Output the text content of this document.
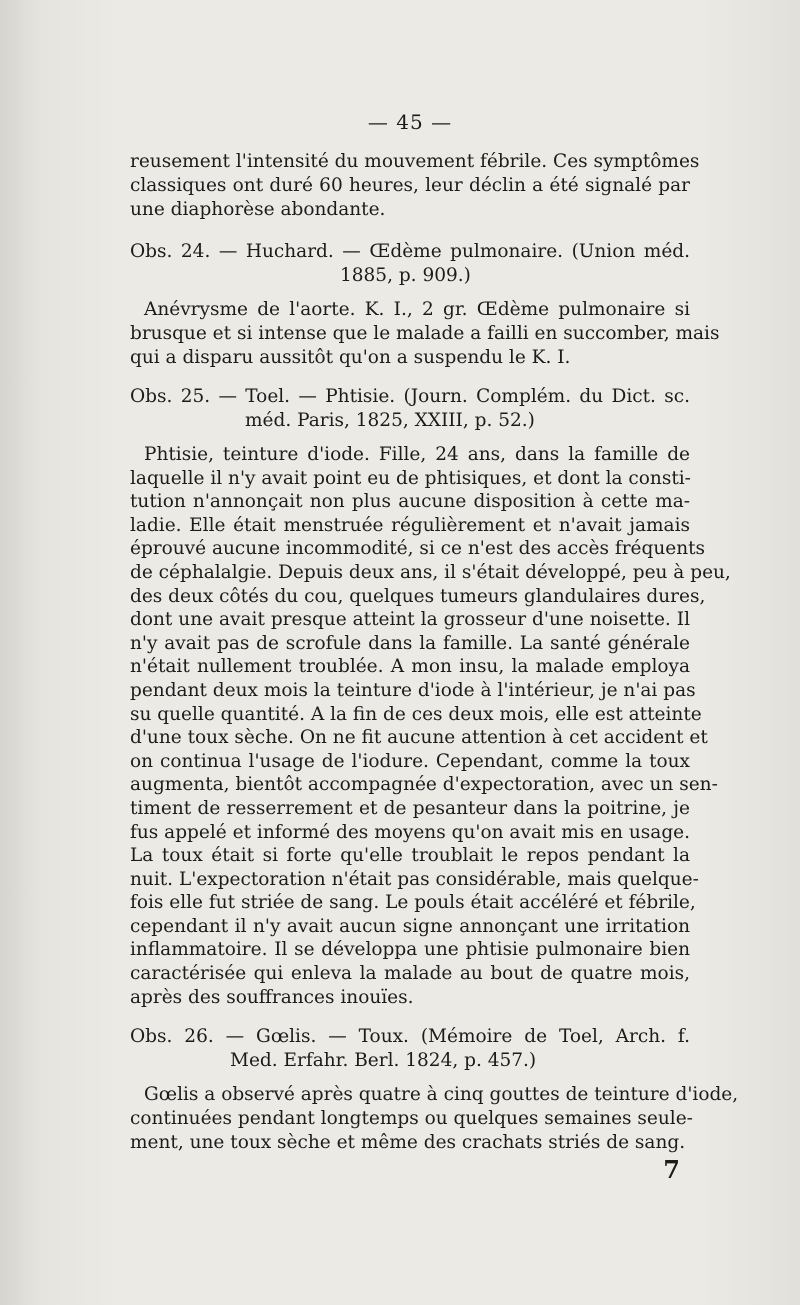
— 45 —
reusement l'intensité du mouvement fébrile. Ces symptômes
classiques ont duré 60 heures, leur déclin a été signalé par
une diaphorèse abondante.
Obs. 24. — Huchard. — Œdème pulmonaire. (Union méd.
1885, p. 909.)
Anévrysme de l'aorte. K. I., 2 gr. Œdème pulmonaire si
brusque et si intense que le malade a failli en succomber, mais
qui a disparu aussitôt qu'on a suspendu le K. I.
Obs. 25. — Toel. — Phtisie. (Journ. Complém. du Dict. sc.
méd. Paris, 1825, XXIII, p. 52.)
Phtisie, teinture d'iode. Fille, 24 ans, dans la famille de
laquelle il n'y avait point eu de phtisiques, et dont la consti-
tution n'annonçait non plus aucune disposition à cette ma-
ladie. Elle était menstruée régulièrement et n'avait jamais
éprouvé aucune incommodité, si ce n'est des accès fréquents
de céphalalgie. Depuis deux ans, il s'était développé, peu à peu,
des deux côtés du cou, quelques tumeurs glandulaires dures,
dont une avait presque atteint la grosseur d'une noisette. Il
n'y avait pas de scrofule dans la famille. La santé générale
n'était nullement troublée. A mon insu, la malade employa
pendant deux mois la teinture d'iode à l'intérieur, je n'ai pas
su quelle quantité. A la fin de ces deux mois, elle est atteinte
d'une toux sèche. On ne fit aucune attention à cet accident et
on continua l'usage de l'iodure. Cependant, comme la toux
augmenta, bientôt accompagnée d'expectoration, avec un sen-
timent de resserrement et de pesanteur dans la poitrine, je
fus appelé et informé des moyens qu'on avait mis en usage.
La toux était si forte qu'elle troublait le repos pendant la
nuit. L'expectoration n'était pas considérable, mais quelque-
fois elle fut striée de sang. Le pouls était accéléré et fébrile,
cependant il n'y avait aucun signe annonçant une irritation
inflammatoire. Il se développa une phtisie pulmonaire bien
caractérisée qui enleva la malade au bout de quatre mois,
après des souffrances inouïes.
Obs. 26. — Gœlis. — Toux. (Mémoire de Toel, Arch. f.
Med. Erfahr. Berl. 1824, p. 457.)
Gœlis a observé après quatre à cinq gouttes de teinture d'iode,
continuées pendant longtemps ou quelques semaines seule-
ment, une toux sèche et même des crachats striés de sang.
7
